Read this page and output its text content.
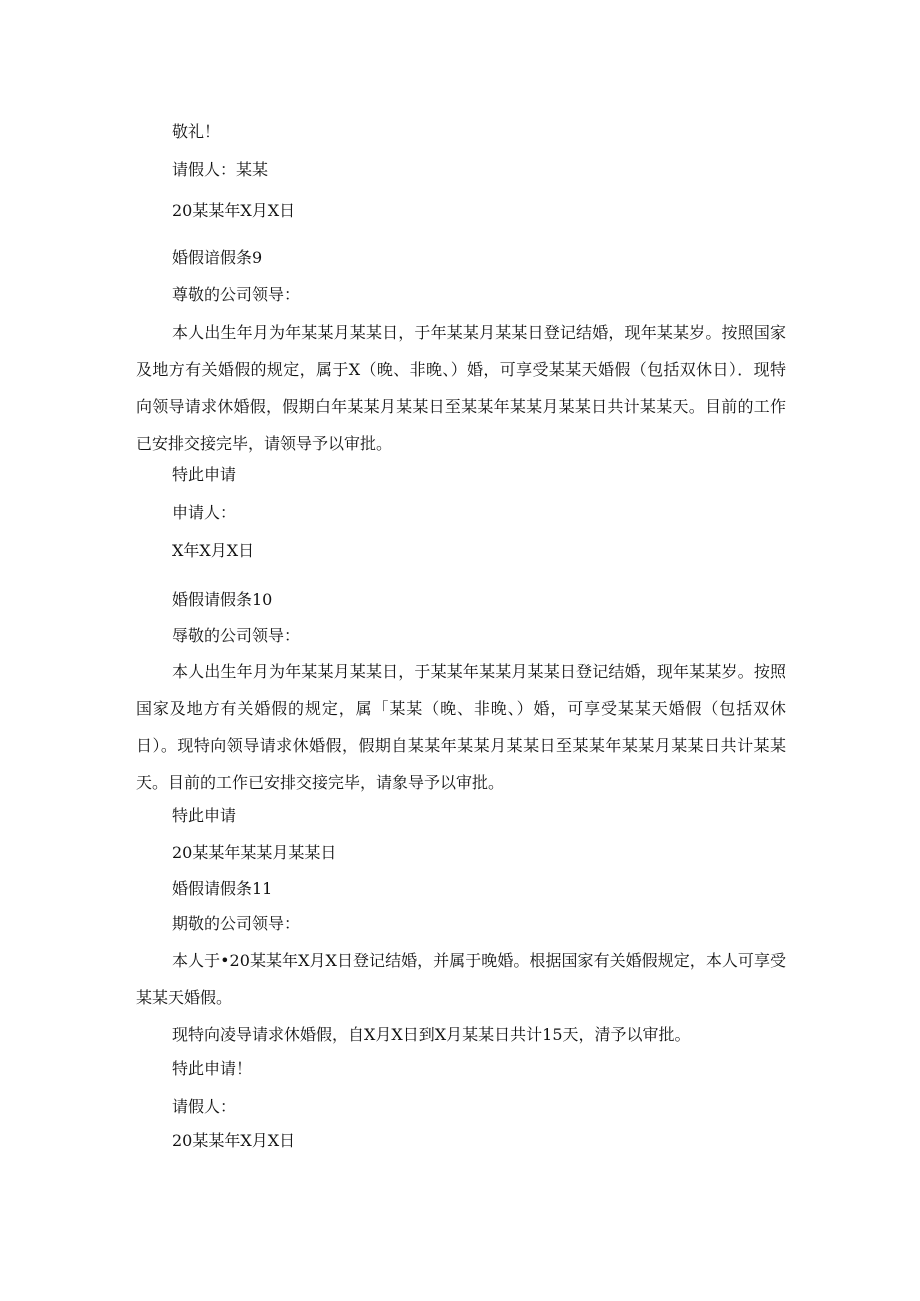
敬礼！
请假人：某某
20某某年X月X日
婚假谙假条9
尊敬的公司领导：

本人出生年月为年某某月某某日，于年某某月某某日登记结婚，现年某某岁。按照国家及地方有关婚假的规定，属于X（晚、非晚、）婚，可享受某某天婚假（包括双休日）．现特向领导请求休婚假，假期白年某某月某某日至某某年某某月某某日共计某某天。目前的工作已安排交接完毕，请领导予以审批。

特此申请
申请人：
X年X月X日
婚假请假条10
辱敬的公司领导：

本人出生年月为年某某月某某日，于某某年某某月某某日登记结婚，现年某某岁。按照国家及地方有关婚假的规定，属「某某（晚、非晚、）婚，可享受某某天婚假（包括双休日）。现特向领导请求休婚假，假期自某某年某某月某某日至某某年某某月某某日共计某某天。目前的工作已安排交接完毕，请象导予以审批。

特此申请
20某某年某某月某某日
婚假请假条11
期敬的公司领导：

本人于•20某某年X月X日登记结婚，并属于晚婚。根据国家有关婚假规定，本人可享受某某天婚假。

现特向凌导请求休婚假，自X月X日到X月某某日共计15天，清予以审批。

特此申请！
请假人：
20某某年X月X日
